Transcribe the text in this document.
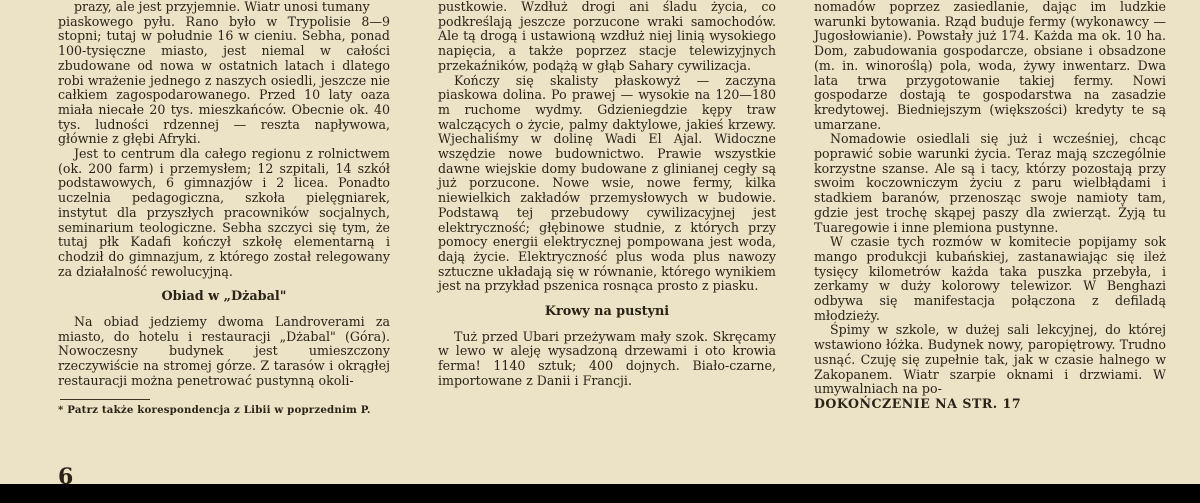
prazy, ale jest przyjemnie. Wiatr unosi tumany

piaskowego pyłu. Rano było w Trypolisie 8—9 stopni; tutaj w południe 16 w cieniu. Sebha, ponad 100-tysięczne miasto, jest niemal w całości zbudowane od nowa w ostatnich latach i dlatego robi wrażenie jednego z naszych osiedli, jeszcze nie całkiem zagospodarowanego. Przed 10 laty oaza miała niecałe 20 tys. mieszkańców. Obecnie ok. 40 tys. ludności rdzennej — reszta napływowa, głównie z głębi Afryki.

Jest to centrum dla całego regionu z rolnictwem (ok. 200 farm) i przemysłem; 12 szpitali, 14 szkół podstawowych, 6 gimnazjów i 2 licea. Ponadto uczelnia pedagogiczna, szkoła pielęgniarek, instytut dla przyszłych pracowników socjalnych, seminarium teologiczne. Sebha szczyci się tym, że tutaj płk Kadafi kończył szkołę elementarną i chodził do gimnazjum, z którego został relegowany za działalność rewolucyjną.

Obiad w „Dżabal"

Na obiad jedziemy dwoma Landroverami za miasto, do hotelu i restauracji „Dżabal" (Góra). Nowoczesny budynek jest umieszczony rzeczywiście na stromej górze. Z tarasów i okrągłej restauracji można penetrować pustynną okoli-

* Patrz także korespondencja z Libii w poprzednim P.

pustkowie. Wzdłuż drogi ani śladu życia, co podkreślają jeszcze porzucone wraki samochodów. Ale tą drogą i ustawioną wzdłuż niej linią wysokiego napięcia, a także poprzez stacje telewizyjnych przekaźników, podążą w głąb Sahary cywilizacja.

Kończy się skalisty płaskowyż — zaczyna piaskowa dolina. Po prawej — wysokie na 120—180 m ruchome wydmy. Gdzieniegdzie kępy traw walczących o życie, palmy daktylowe, jakieś krzewy. Wjechaliśmy w dolinę Wadi El Ajal. Widoczne wszędzie nowe budownictwo. Prawie wszystkie dawne wiejskie domy budowane z glinianej cegły są już porzucone. Nowe wsie, nowe fermy, kilka niewielkich zakładów przemysłowych w budowie. Podstawą tej przebudowy cywilizacyjnej jest elektryczność; głębinowe studnie, z których przy pomocy energii elektrycznej pompowana jest woda, dają życie. Elektryczność plus woda plus nawozy sztuczne układają się w równanie, którego wynikiem jest na przykład pszenica rosnąca prosto z piasku.

Krowy na pustyni

Tuż przed Ubari przeżywam mały szok. Skręcamy w lewo w aleję wysadzoną drzewami i oto krowia ferma! 1140 sztuk; 400 dojnych. Biało-czarne, importowane z Danii i Francji.

nomadów poprzez zasiedlanie, dając im ludzkie warunki bytowania. Rząd buduje fermy (wykonawcy — Jugosłowianie). Powstały już 174. Każda ma ok. 10 ha. Dom, zabudowania gospodarcze, obsiane i obsadzone (m. in. winoroślą) pola, woda, żywy inwentarz. Dwa lata trwa przygotowanie takiej fermy. Nowi gospodarze dostają te gospodarstwa na zasadzie kredytowej. Biedniejszym (większości) kredyty te są umarzane.

Nomadowie osiedlali się już i wcześniej, chcąc poprawić sobie warunki życia. Teraz mają szczególnie korzystne szanse. Ale są i tacy, którzy pozostają przy swoim koczowniczym życiu z paru wielbłądami i stadkiem baranów, przenosząc swoje namioty tam, gdzie jest trochę skąpej paszy dla zwierząt. Żyją tu Tuaregowie i inne plemiona pustynne.

W czasie tych rozmów w komitecie popijamy sok mango produkcji kubańskiej, zastanawiając się ileż tysięcy kilometrów każda taka puszka przebyła, i zerkamy w duży kolorowy telewizor. W Benghazi odbywa się manifestacja połączona z defiladą młodzieży.

Śpimy w szkole, w dużej sali lekcyjnej, do której wstawiono łóżka. Budynek nowy, paropiętrowy. Trudno usnąć. Czuję się zupełnie tak, jak w czasie halnego w Zakopanem. Wiatr szarpie oknami i drzwiami. W umywalniach na po-

DOKOŃCZENIE NA STR. 17

6
